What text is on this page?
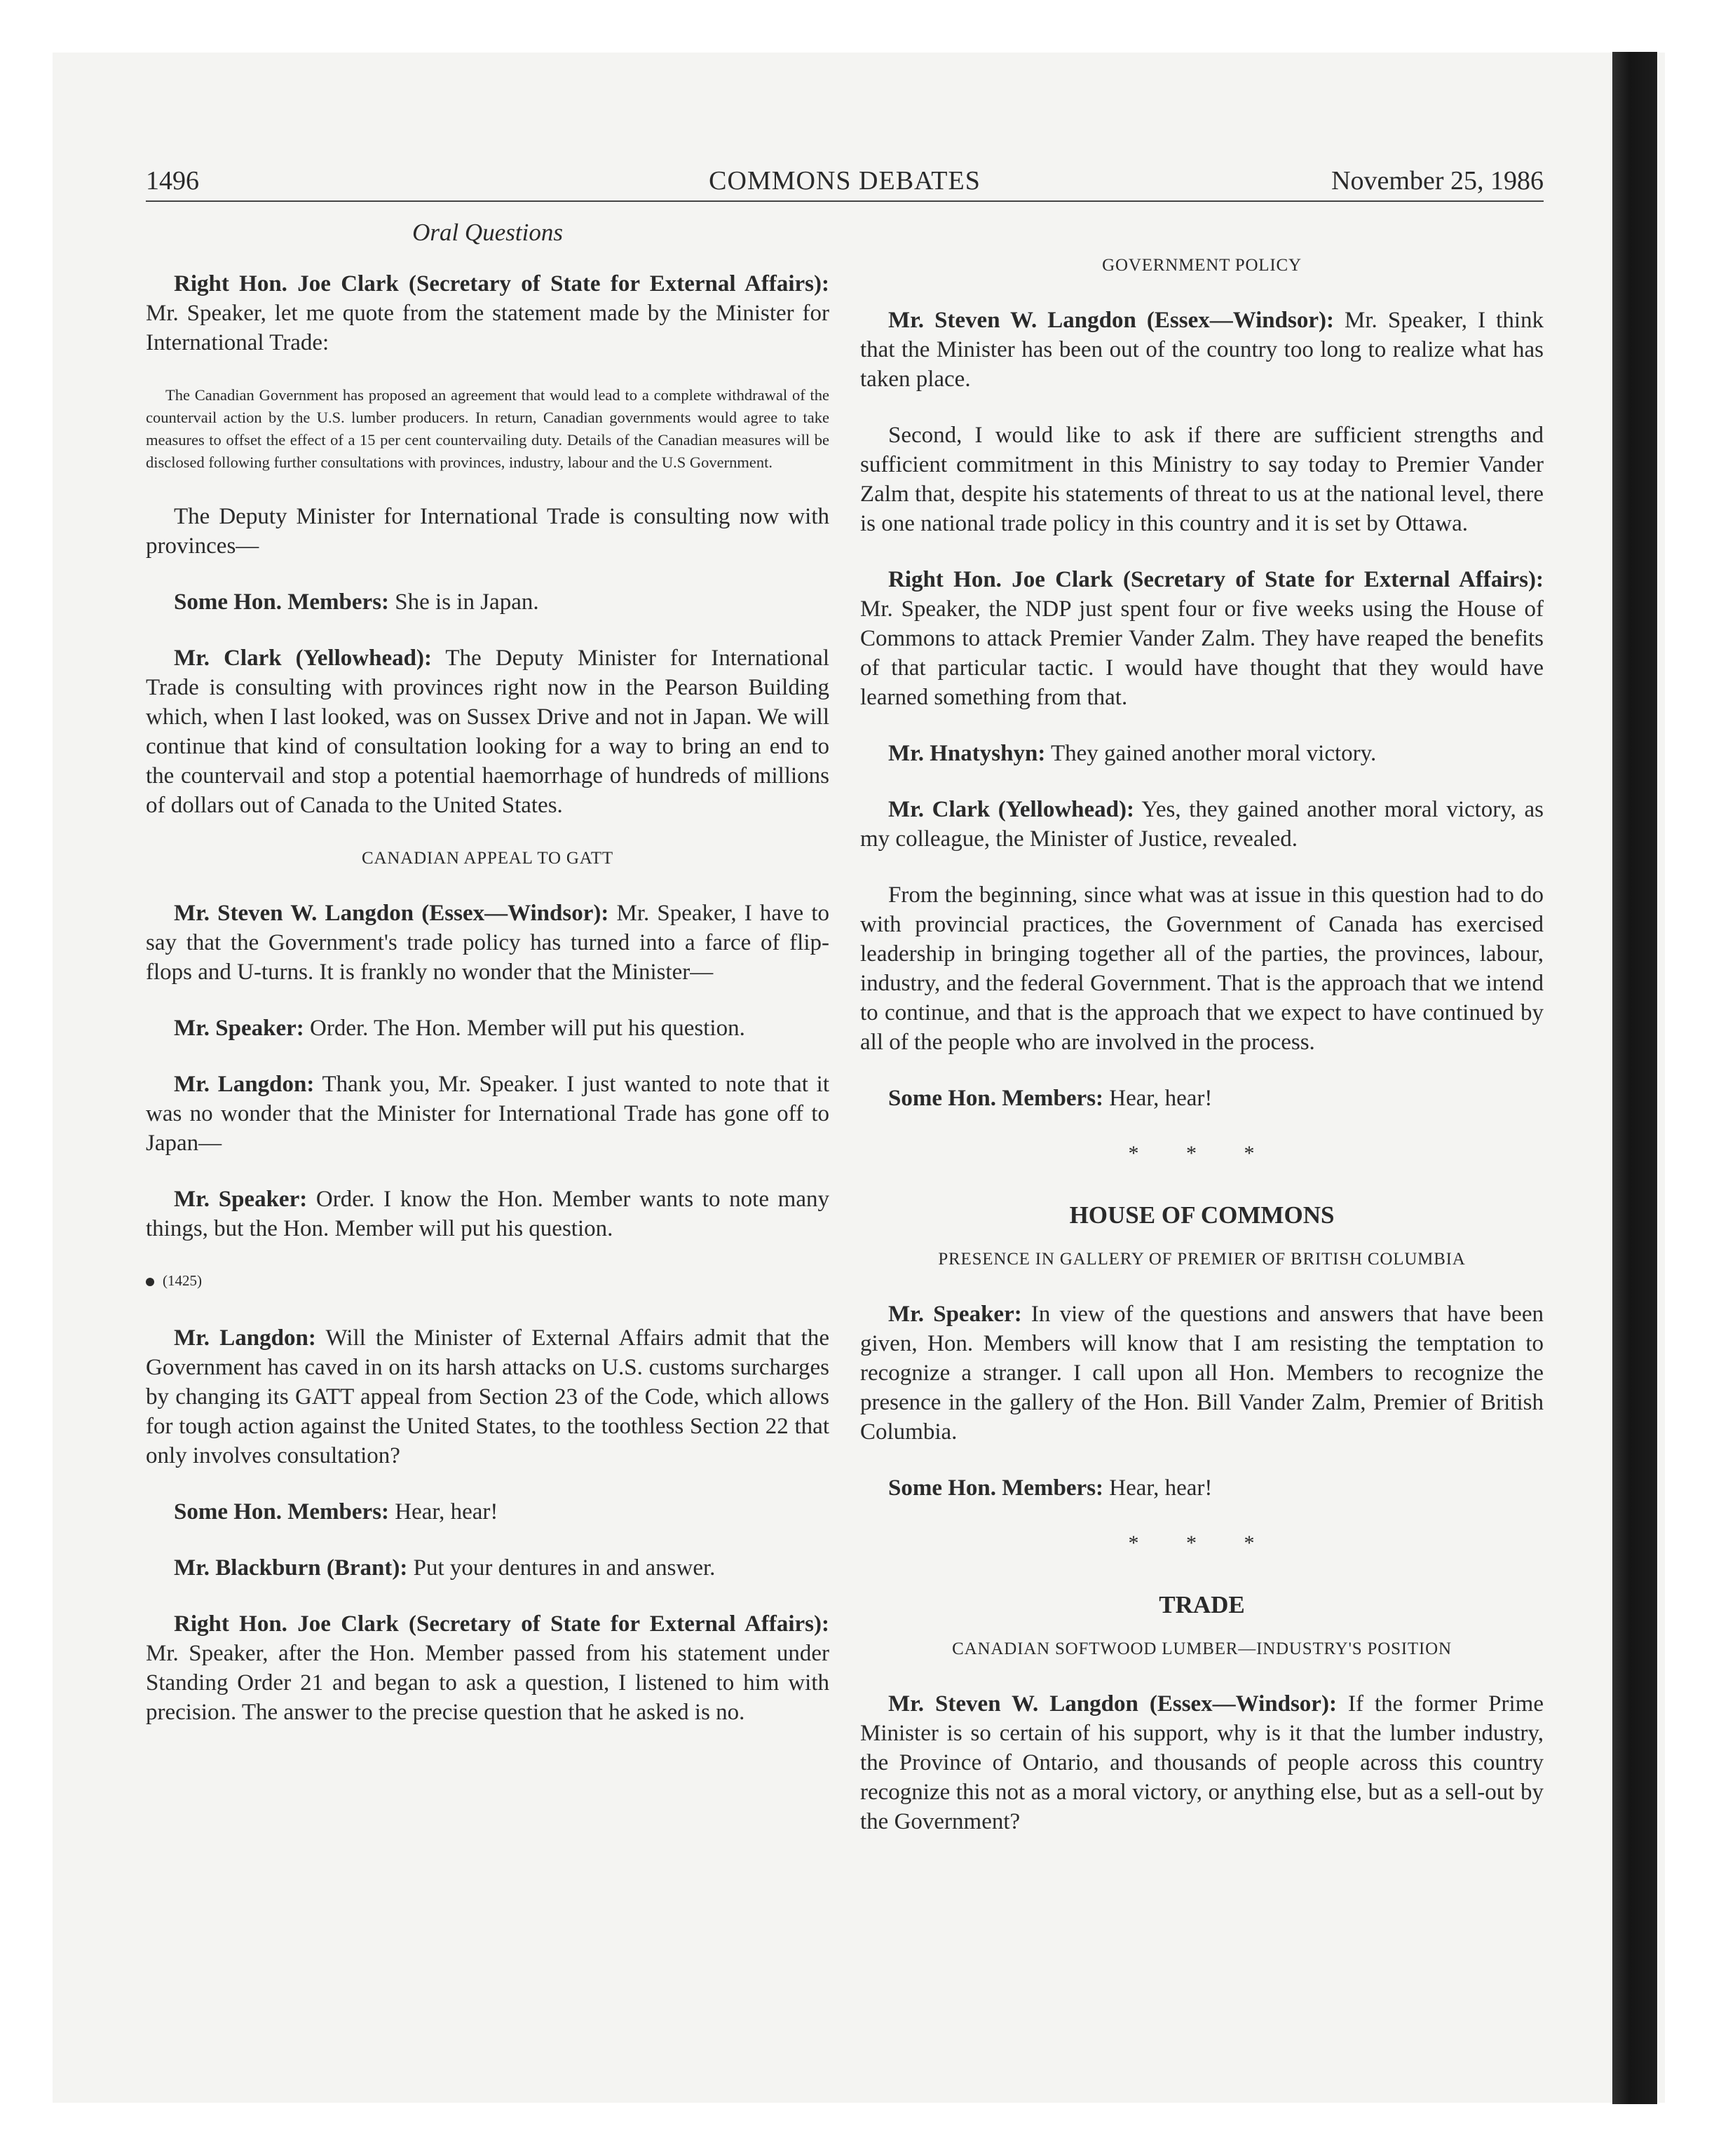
1496	COMMONS DEBATES	November 25, 1986
Oral Questions

Right Hon. Joe Clark (Secretary of State for External Affairs): Mr. Speaker, let me quote from the statement made by the Minister for International Trade:

The Canadian Government has proposed an agreement that would lead to a complete withdrawal of the countervail action by the U.S. lumber producers. In return, Canadian governments would agree to take measures to offset the effect of a 15 per cent countervailing duty. Details of the Canadian measures will be disclosed following further consultations with provinces, industry, labour and the U.S Government.

The Deputy Minister for International Trade is consulting now with provinces—

Some Hon. Members: She is in Japan.

Mr. Clark (Yellowhead): The Deputy Minister for International Trade is consulting with provinces right now in the Pearson Building which, when I last looked, was on Sussex Drive and not in Japan. We will continue that kind of consultation looking for a way to bring an end to the countervail and stop a potential haemorrhage of hundreds of millions of dollars out of Canada to the United States.

CANADIAN APPEAL TO GATT

Mr. Steven W. Langdon (Essex—Windsor): Mr. Speaker, I have to say that the Government's trade policy has turned into a farce of flip-flops and U-turns. It is frankly no wonder that the Minister—

Mr. Speaker: Order. The Hon. Member will put his question.

Mr. Langdon: Thank you, Mr. Speaker. I just wanted to note that it was no wonder that the Minister for International Trade has gone off to Japan—

Mr. Speaker: Order. I know the Hon. Member wants to note many things, but the Hon. Member will put his question.

(1425)

Mr. Langdon: Will the Minister of External Affairs admit that the Government has caved in on its harsh attacks on U.S. customs surcharges by changing its GATT appeal from Section 23 of the Code, which allows for tough action against the United States, to the toothless Section 22 that only involves consultation?

Some Hon. Members: Hear, hear!

Mr. Blackburn (Brant): Put your dentures in and answer.

Right Hon. Joe Clark (Secretary of State for External Affairs): Mr. Speaker, after the Hon. Member passed from his statement under Standing Order 21 and began to ask a question, I listened to him with precision. The answer to the precise question that he asked is no.

GOVERNMENT POLICY

Mr. Steven W. Langdon (Essex—Windsor): Mr. Speaker, I think that the Minister has been out of the country too long to realize what has taken place.

Second, I would like to ask if there are sufficient strengths and sufficient commitment in this Ministry to say today to Premier Vander Zalm that, despite his statements of threat to us at the national level, there is one national trade policy in this country and it is set by Ottawa.

Right Hon. Joe Clark (Secretary of State for External Affairs): Mr. Speaker, the NDP just spent four or five weeks using the House of Commons to attack Premier Vander Zalm. They have reaped the benefits of that particular tactic. I would have thought that they would have learned something from that.

Mr. Hnatyshyn: They gained another moral victory.

Mr. Clark (Yellowhead): Yes, they gained another moral victory, as my colleague, the Minister of Justice, revealed.

From the beginning, since what was at issue in this question had to do with provincial practices, the Government of Canada has exercised leadership in bringing together all of the parties, the provinces, labour, industry, and the federal Government. That is the approach that we intend to continue, and that is the approach that we expect to have continued by all of the people who are involved in the process.

Some Hon. Members: Hear, hear!

* * *
HOUSE OF COMMONS
PRESENCE IN GALLERY OF PREMIER OF BRITISH COLUMBIA

Mr. Speaker: In view of the questions and answers that have been given, Hon. Members will know that I am resisting the temptation to recognize a stranger. I call upon all Hon. Members to recognize the presence in the gallery of the Hon. Bill Vander Zalm, Premier of British Columbia.

Some Hon. Members: Hear, hear!

* * *
TRADE
CANADIAN SOFTWOOD LUMBER—INDUSTRY'S POSITION

Mr. Steven W. Langdon (Essex—Windsor): If the former Prime Minister is so certain of his support, why is it that the lumber industry, the Province of Ontario, and thousands of people across this country recognize this not as a moral victory, or anything else, but as a sell-out by the Government?
